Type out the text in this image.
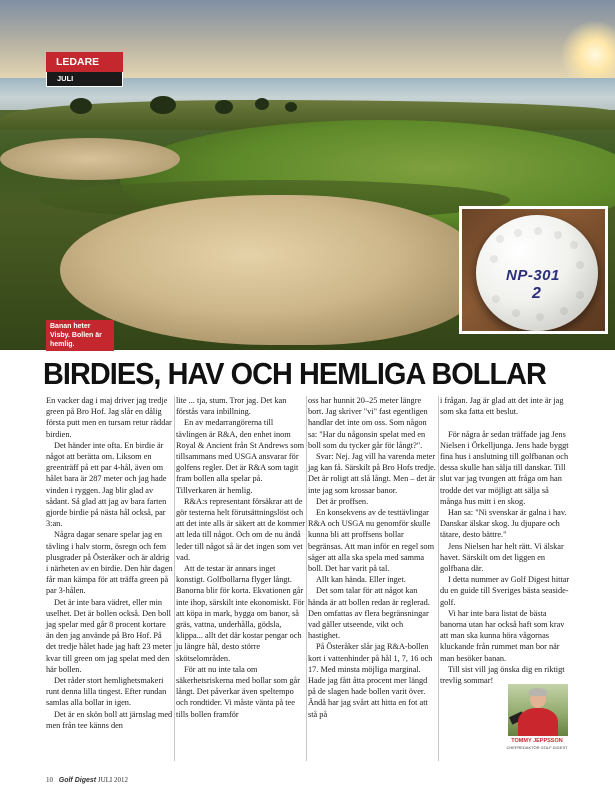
NP-301
2
LEDARE
JULI
Banan heter Visby. Bollen är hemlig.
BIRDIES, HAV OCH HEMLIGA BOLLAR

En vacker dag i maj driver jag tredje green på Bro Hof. Jag slår en dålig första putt men en tursam retur räddar birdien.

Det händer inte ofta. En birdie är något att berätta om. Liksom en greenträff på ett par 4-hål, även om hålet bara är 287 meter och jag hade vinden i ryggen. Jag blir glad av sådant. Så glad att jag av bara farten gjorde birdie på nästa hål också, par 3:an.

Några dagar senare spelar jag en tävling i halv storm, ösregn och fem plusgrader på Österåker och är aldrig i närheten av en birdie. Den här dagen får man kämpa för att träffa green på par 3-hålen.

Det är inte bara vädret, eller min uselhet. Det är bollen också. Den boll jag spelar med går 8 procent kortare än den jag använde på Bro Hof. På det tredje hålet hade jag haft 23 meter kvar till green om jag spelat med den här bollen.

Det råder stort hemlighetsmakeri runt denna lilla tingest. Efter rundan samlas alla bollar in igen.

Det är en skön boll att järnslag med men från tee känns den

lite ... tja, stum. Tror jag. Det kan förstås vara inbillning.

En av medarrangörerna till tävlingen är R&A, den enhet inom Royal & Ancient från St Andrews som tillsammans med USGA ansvarar för golfens regler. Det är R&A som tagit fram bollen alla spelar på. Tillverkaren är hemlig.

R&A:s representant försäkrar att de gör testerna helt förutsättningslöst och att det inte alls är säkert att de kommer att leda till något. Och om de nu ändå leder till något så är det ingen som vet vad.

Att de testar är annars inget konstigt. Golfbollarna flyger långt. Banorna blir för korta. Ekvationen går inte ihop, särskilt inte ekonomiskt. För att köpa in mark, bygga om banor, så gräs, vattna, underhålla, gödsla, klippa... allt det där kostar pengar och ju längre hål, desto större skötselområden.

För att nu inte tala om säkerhetsriskerna med bollar som går långt. Det påverkar även speltempo och rondtider. Vi måste vänta på tee tills bollen framför

oss har hunnit 20–25 meter längre bort. Jag skriver "vi" fast egentligen handlar det inte om oss. Som någon sa: "Har du någonsin spelat med en boll som du tycker går för långt?".

Svar: Nej. Jag vill ha varenda meter jag kan få. Särskilt på Bro Hofs tredje. Det är roligt att slå långt. Men – det är inte jag som krossar banor.

Det är proffsen.

En konsekvens av de testtävlingar R&A och USGA nu genomför skulle kunna bli att proffsens bollar begränsas. Att man inför en regel som säger att alla ska spela med samma boll. Det har varit på tal.

Allt kan hända. Eller inget.

Det som talar för att något kan hända är att bollen redan är reglerad. Den omfattas av flera begränsningar vad gäller utseende, vikt och hastighet.

På Österåker slår jag R&A-bollen kort i vattenhinder på hål 1, 7, 16 och 17. Med minsta möjliga marginal. Hade jag fått åtta procent mer längd på de slagen hade bollen varit över. Ändå har jag svårt att hitta en fot att stå på

i frågan. Jag är glad att det inte är jag som ska fatta ett beslut.

För några år sedan träffade jag Jens Nielsen i Örkelljunga. Jens hade byggt fina hus i anslutning till golfbanan och dessa skulle han sälja till danskar. Till slut var jag tvungen att fråga om han trodde det var möjligt att sälja så många hus mitt i en skog.

Han sa: "Ni svenskar är galna i hav. Danskar älskar skog. Ju djupare och tätare, desto bättre."

Jens Nielsen har helt rätt. Vi älskar havet. Särskilt om det liggen en golfbana där.

I detta nummer av Golf Digest hittar du en guide till Sveriges bästa seaside-golf.

Vi har inte bara listat de bästa banorna utan har också haft som krav att man ska kunna höra vågornas kluckande från rummet man bor när man besöker banan.

Till sist vill jag önska dig en riktigt trevlig sommar!

TOMMY JEPPSSON
CHEFREDAKTÖR GOLF DIGEST
10 Golf Digest JULI 2012
